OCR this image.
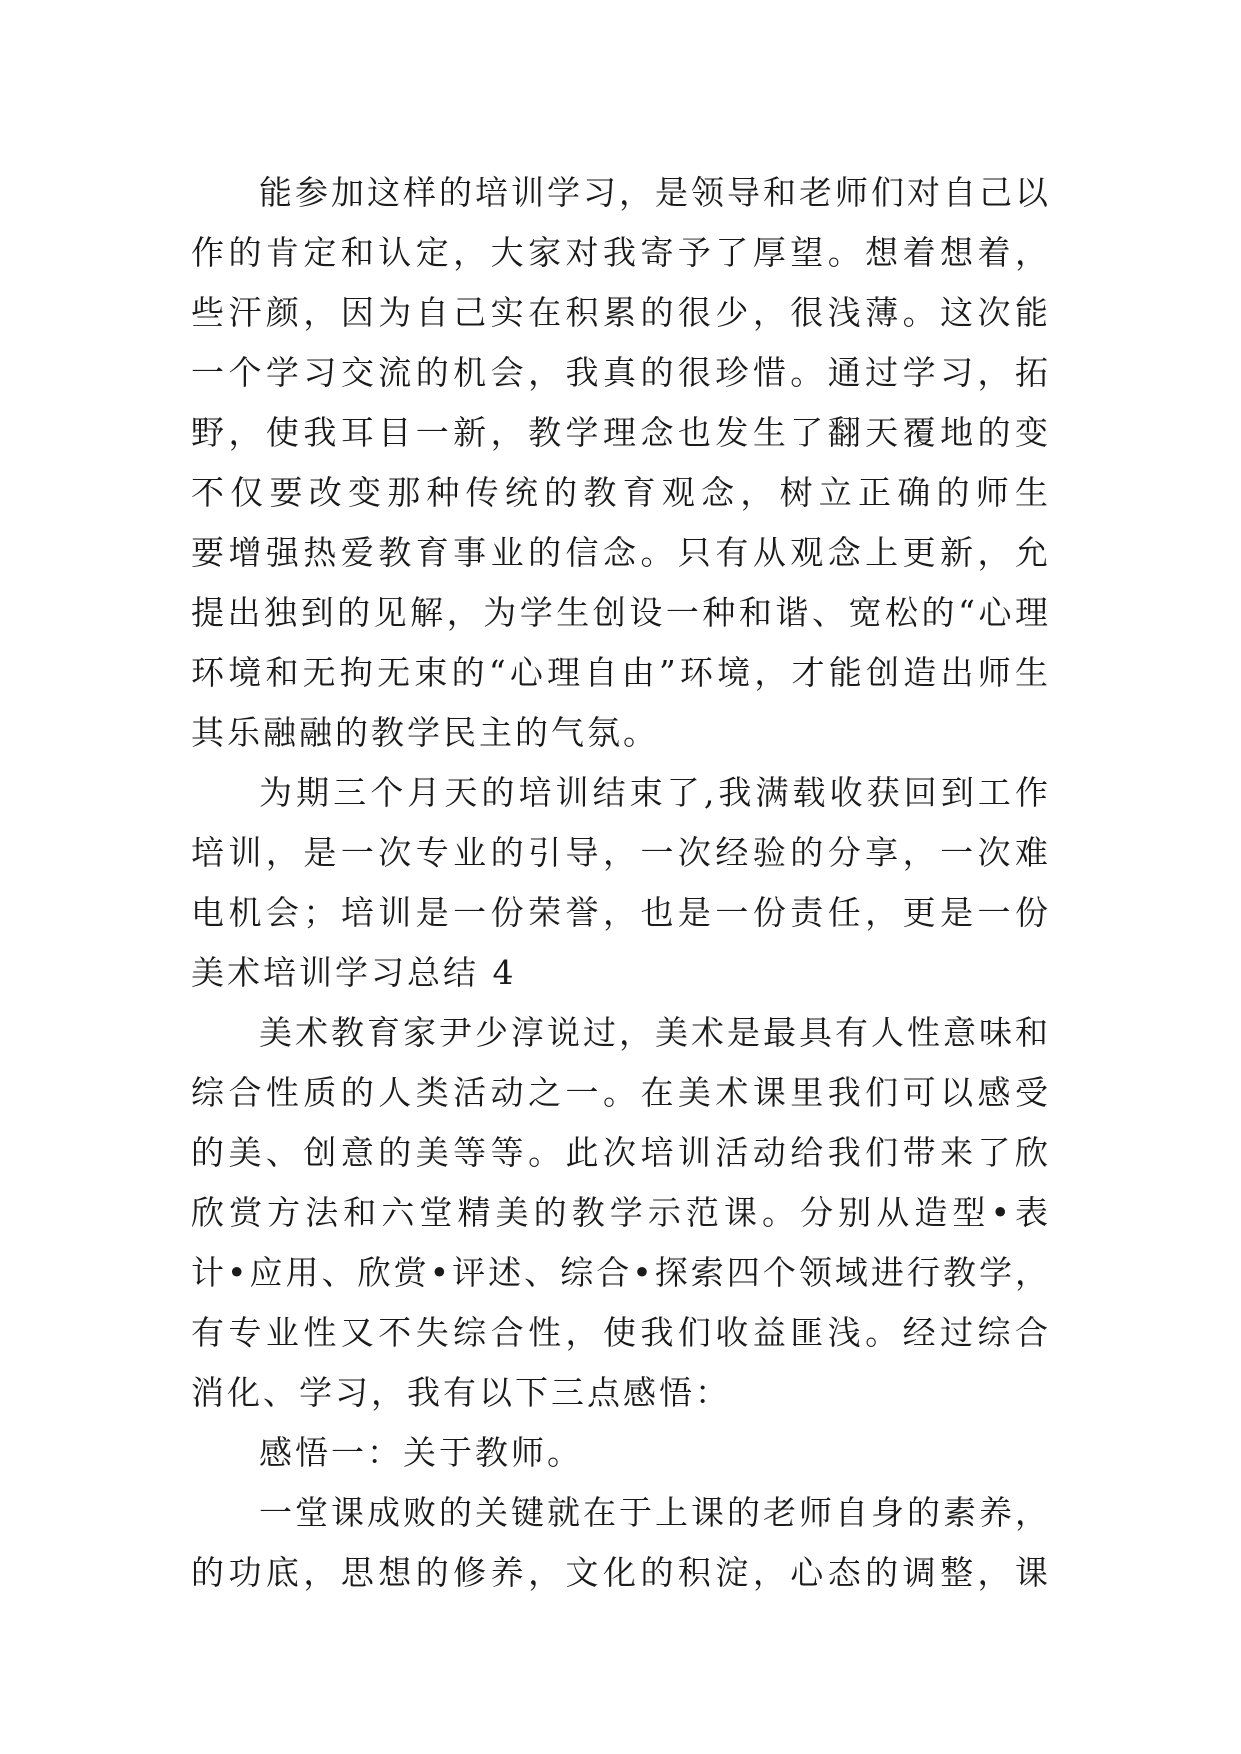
能参加这样的培训学习，是领导和老师们对自己以
作的肯定和认定，大家对我寄予了厚望。想着想着，
些汗颜，因为自己实在积累的很少，很浅薄。这次能
一个学习交流的机会，我真的很珍惜。通过学习，拓
野，使我耳目一新，教学理念也发生了翻天覆地的变
不仅要改变那种传统的教育观念，树立正确的师生
要增强热爱教育事业的信念。只有从观念上更新，允
提出独到的见解，为学生创设一种和谐、宽松的“心理
环境和无拘无束的“心理自由”环境，才能创造出师生
其乐融融的教学民主的气氛。
为期三个月天的培训结束了,我满载收获回到工作
培训，是一次专业的引导，一次经验的分享，一次难
电机会；培训是一份荣誉，也是一份责任，更是一份
美术培训学习总结 4
美术教育家尹少淳说过，美术是最具有人性意味和
综合性质的人类活动之一。在美术课里我们可以感受
的美、创意的美等等。此次培训活动给我们带来了欣
欣赏方法和六堂精美的教学示范课。分别从造型•表
计•应用、欣赏•评述、综合•探索四个领域进行教学，
有专业性又不失综合性，使我们收益匪浅。经过综合
消化、学习，我有以下三点感悟：
感悟一：关于教师。
一堂课成败的关键就在于上课的老师自身的素养，
的功底，思想的修养，文化的积淀，心态的调整，课
